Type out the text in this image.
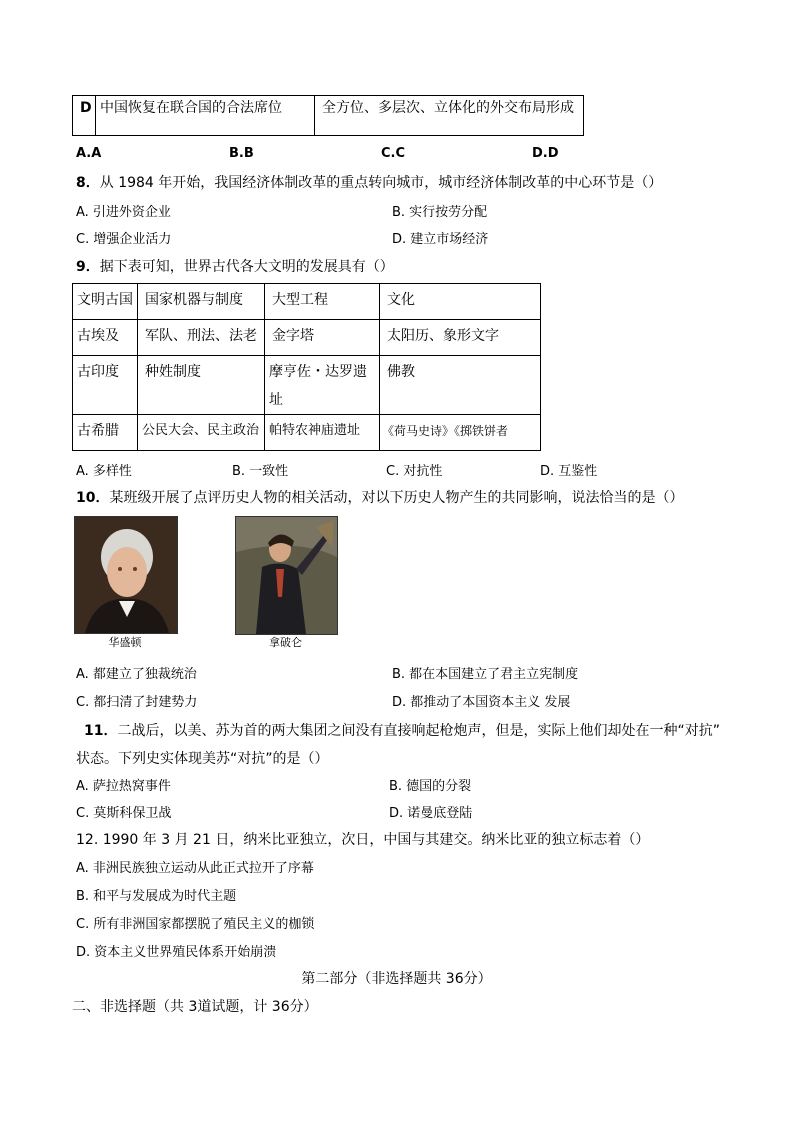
D	中国恢复在联合国的合法席位	全方位、多层次、立体化的外交布局形成
A.A	B.B	C.C	D.D
8．从 1984 年开始，我国经济体制改革的重点转向城市，城市经济体制改革的中心环节是（）
A. 引进外资企业	B. 实行按劳分配
C. 增强企业活力	D. 建立市场经济
9．据下表可知，世界古代各大文明的发展具有（）
文明古国	国家机器与制度	大型工程	文化

古埃及	军队、刑法、法老	金字塔	太阳历、象形文字

古印度	种姓制度	摩亨佐・达罗遗址	佛教

古希腊	公民大会、民主政治	帕特农神庙遗址	《荷马史诗》《掷铁饼者
A. 多样性	B. 一致性	C. 对抗性	D. 互鉴性
10．某班级开展了点评历史人物的相关活动，对以下历史人物产生的共同影响，说法恰当的是（）
华盛顿	拿破仑
A. 都建立了独裁统治	B. 都在本国建立了君主立宪制度
C. 都扫清了封建势力	D. 都推动了本国资本主义 发展
11．二战后，以美、苏为首的两大集团之间没有直接响起枪炮声，但是，实际上他们却处在一种“对抗”
状态。下列史实体现美苏“对抗”的是（）
A. 萨拉热窝事件	B. 德国的分裂
C. 莫斯科保卫战	D. 诺曼底登陆
12. 1990 年 3 月 21 日，纳米比亚独立，次日，中国与其建交。纳米比亚的独立标志着（）
A. 非洲民族独立运动从此正式拉开了序幕
B. 和平与发展成为时代主题
C. 所有非洲国家都摆脱了殖民主义的枷锁
D. 资本主义世界殖民体系开始崩溃
第二部分（非选择题共 36分）
二、非选择题（共 3道试题，计 36分）
